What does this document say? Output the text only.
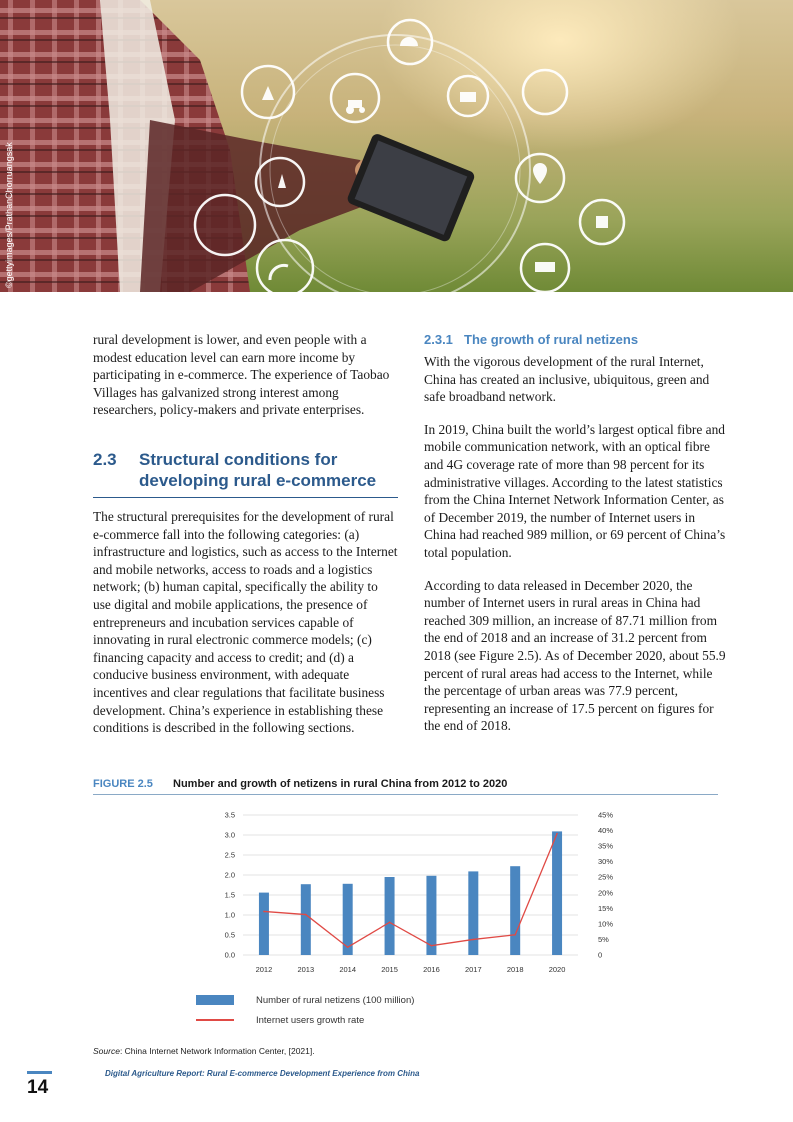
©gettyimages/PrathanChorruangsak

rural development is lower, and even people with a modest education level can earn more income by participating in e-commerce. The experience of Taobao Villages has galvanized strong interest among researchers, policy-makers and private enterprises.

2.3 Structural conditions for developing rural e-commerce

The structural prerequisites for the development of rural e-commerce fall into the following categories: (a) infrastructure and logistics, such as access to the Internet and mobile networks, access to roads and a logistics network; (b) human capital, specifically the ability to use digital and mobile applications, the presence of entrepreneurs and incubation services capable of innovating in rural electronic commerce models; (c) financing capacity and access to credit; and (d) a conducive business environment, with adequate incentives and clear regulations that facilitate business development. China’s experience in establishing these conditions is described in the following sections.

2.3.1 The growth of rural netizens

With the vigorous development of the rural Internet, China has created an inclusive, ubiquitous, green and safe broadband network.

In 2019, China built the world’s largest optical fibre and mobile communication network, with an optical fibre and 4G coverage rate of more than 98 percent for its administrative villages. According to the latest statistics from the China Internet Network Information Center, as of December 2019, the number of Internet users in China had reached 989 million, or 69 percent of China’s total population.

According to data released in December 2020, the number of Internet users in rural areas in China had reached 309 million, an increase of 87.71 million from the end of 2018 and an increase of 31.2 percent from 2018 (see Figure 2.5). As of December 2020, about 55.9 percent of rural areas had access to the Internet, while the percentage of urban areas was 77.9 percent, representing an increase of 17.5 percent on figures for the end of 2018.

FIGURE 2.5 Number and growth of netizens in rural China from 2012 to 2020
0.0
0.5
1.0
1.5
2.0
2.5
3.0
3.5
0
5%
10%
15%
20%
25%
30%
35%
40%
45%
2012	2013	2014	2015	2016	2017	2018	2020
Number of rural netizens (100 million)
Internet users growth rate
Source: China Internet Network Information Center, [2021].
14
Digital Agriculture Report: Rural E-commerce Development Experience from China
